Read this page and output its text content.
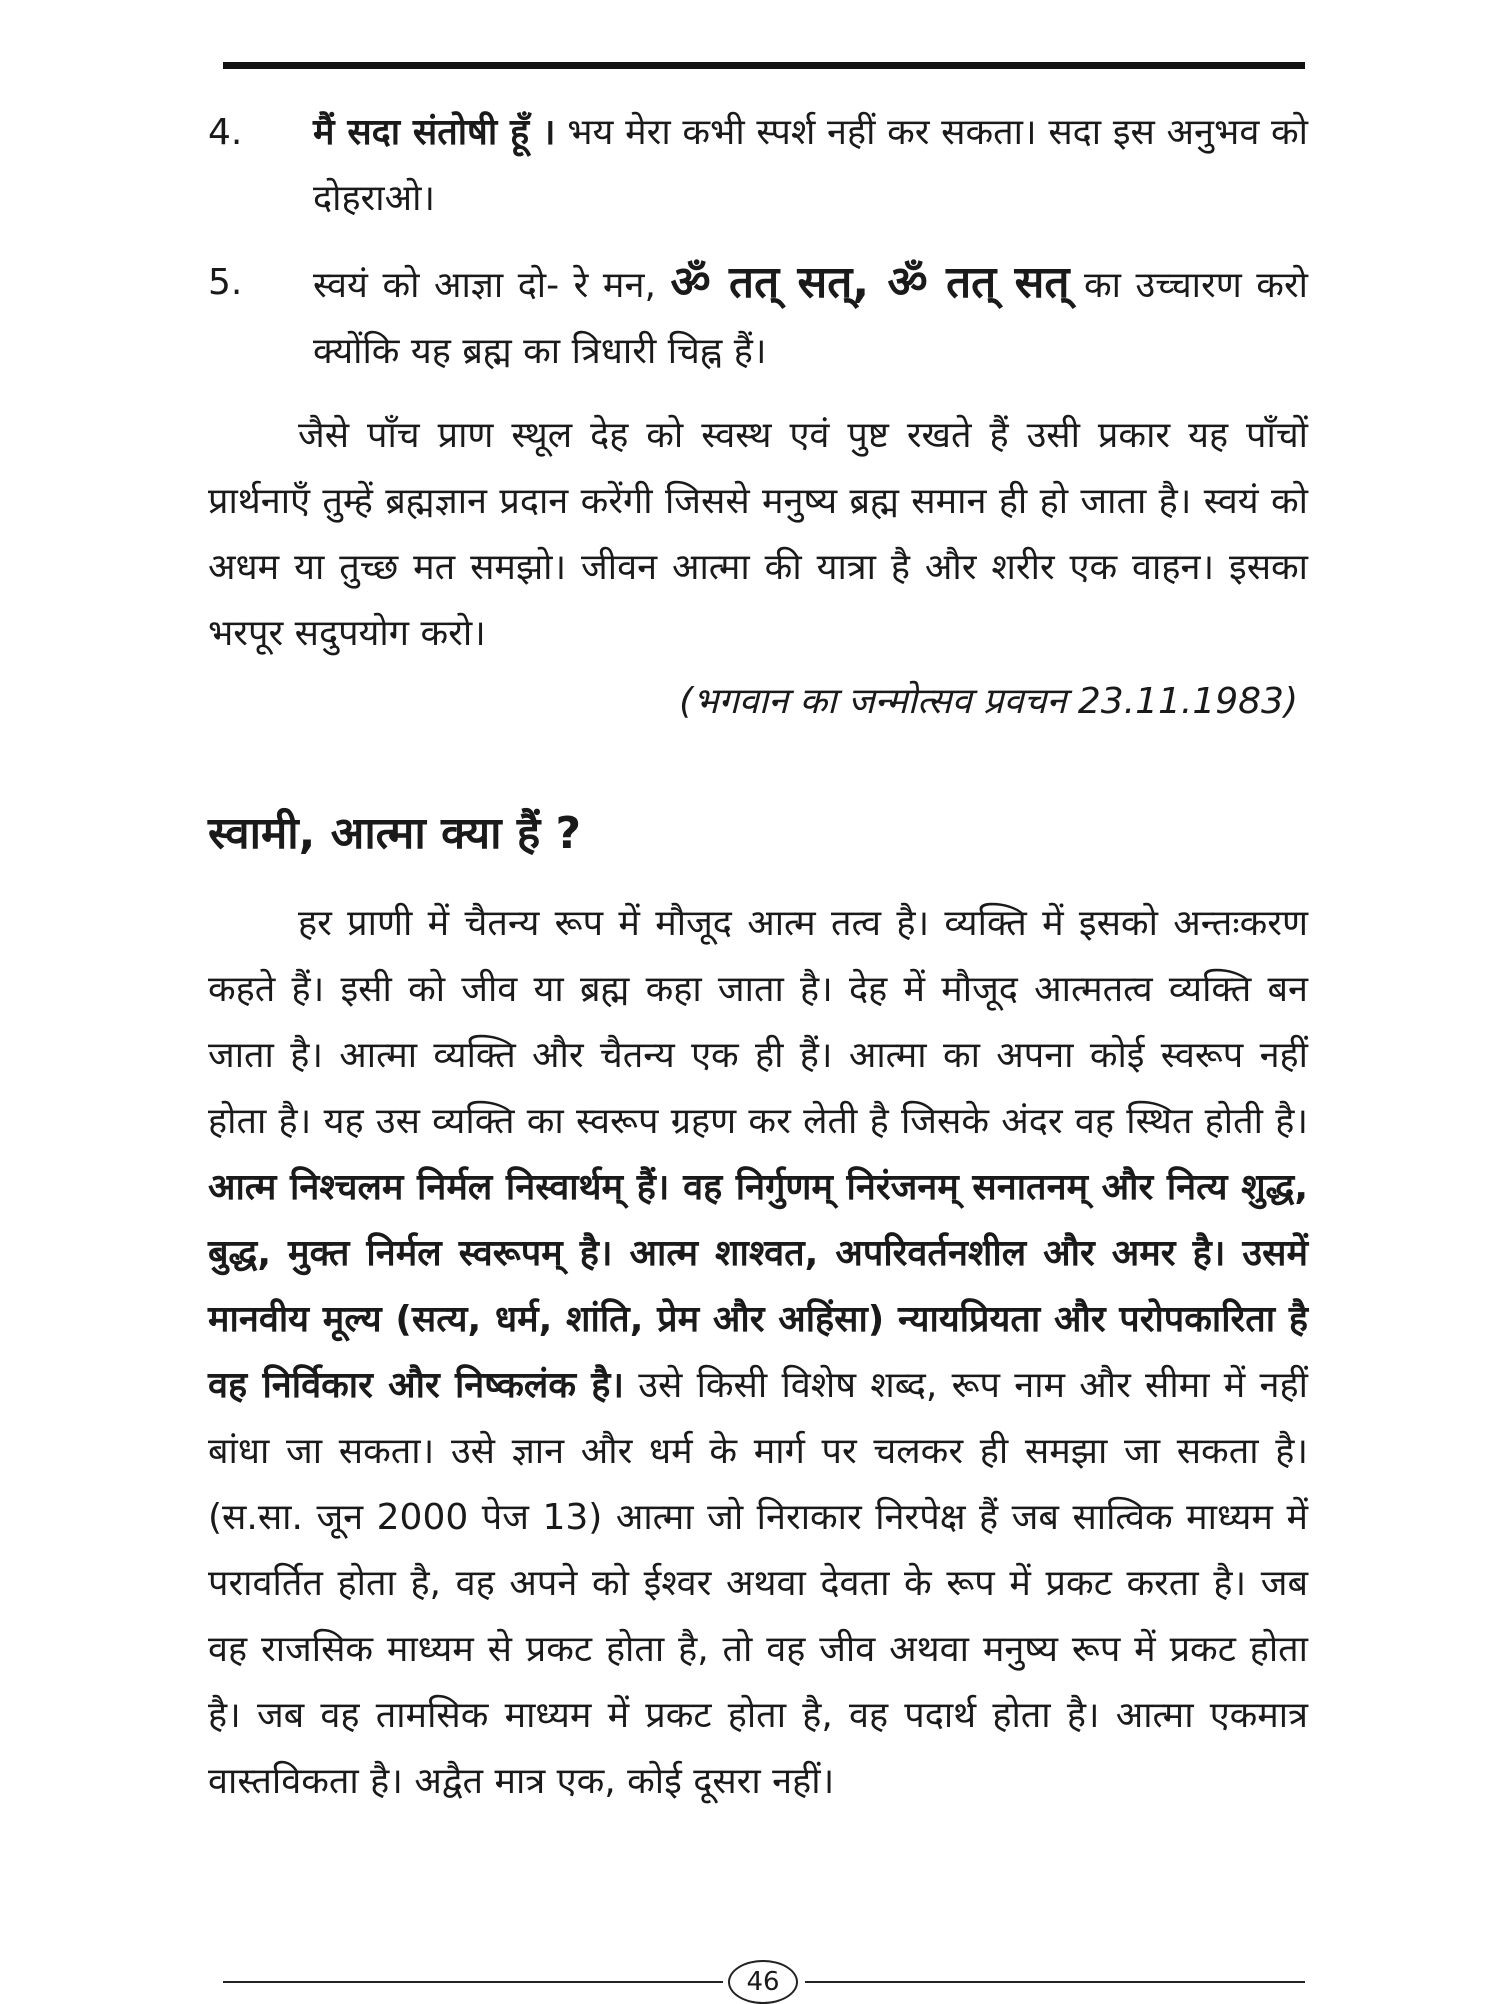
4.	मैं सदा संतोषी हूँ । भय मेरा कभी स्पर्श नहीं कर सकता। सदा इस अनुभव को दोहराओ।
5.	स्वयं को आज्ञा दो- रे मन, ॐ तत् सत्, ॐ तत् सत् का उच्चारण करो क्योंकि यह ब्रह्म का त्रिधारी चिह्न हैं।

जैसे पाँच प्राण स्थूल देह को स्वस्थ एवं पुष्ट रखते हैं उसी प्रकार यह पाँचों प्रार्थनाएँ तुम्हें ब्रह्मज्ञान प्रदान करेंगी जिससे मनुष्य ब्रह्म समान ही हो जाता है। स्वयं को अधम या तुच्छ मत समझो। जीवन आत्मा की यात्रा है और शरीर एक वाहन। इसका भरपूर सदुपयोग करो।

(भगवान का जन्मोत्सव प्रवचन 23.11.1983)
स्वामी, आत्मा क्या हैं ?

हर प्राणी में चैतन्य रूप में मौजूद आत्म तत्व है। व्यक्ति में इसको अन्तःकरण कहते हैं। इसी को जीव या ब्रह्म कहा जाता है। देह में मौजूद आत्मतत्व व्यक्ति बन जाता है। आत्मा व्यक्ति और चैतन्य एक ही हैं। आत्मा का अपना कोई स्वरूप नहीं होता है। यह उस व्यक्ति का स्वरूप ग्रहण कर लेती है जिसके अंदर वह स्थित होती है। आत्म निश्चलम निर्मल निस्वार्थम् हैं। वह निर्गुणम् निरंजनम् सनातनम् और नित्य शुद्ध, बुद्ध, मुक्त निर्मल स्वरूपम् है। आत्म शाश्वत, अपरिवर्तनशील और अमर है। उसमें मानवीय मूल्य (सत्य, धर्म, शांति, प्रेम और अहिंसा) न्यायप्रियता और परोपकारिता है वह निर्विकार और निष्कलंक है। उसे किसी विशेष शब्द, रूप नाम और सीमा में नहीं बांधा जा सकता। उसे ज्ञान और धर्म के मार्ग पर चलकर ही समझा जा सकता है। (स.सा. जून 2000 पेज 13) आत्मा जो निराकार निरपेक्ष हैं जब सात्विक माध्यम में परावर्तित होता है, वह अपने को ईश्वर अथवा देवता के रूप में प्रकट करता है। जब वह राजसिक माध्यम से प्रकट होता है, तो वह जीव अथवा मनुष्य रूप में प्रकट होता है। जब वह तामसिक माध्यम में प्रकट होता है, वह पदार्थ होता है। आत्मा एकमात्र वास्तविकता है। अद्वैत मात्र एक, कोई दूसरा नहीं।

46
